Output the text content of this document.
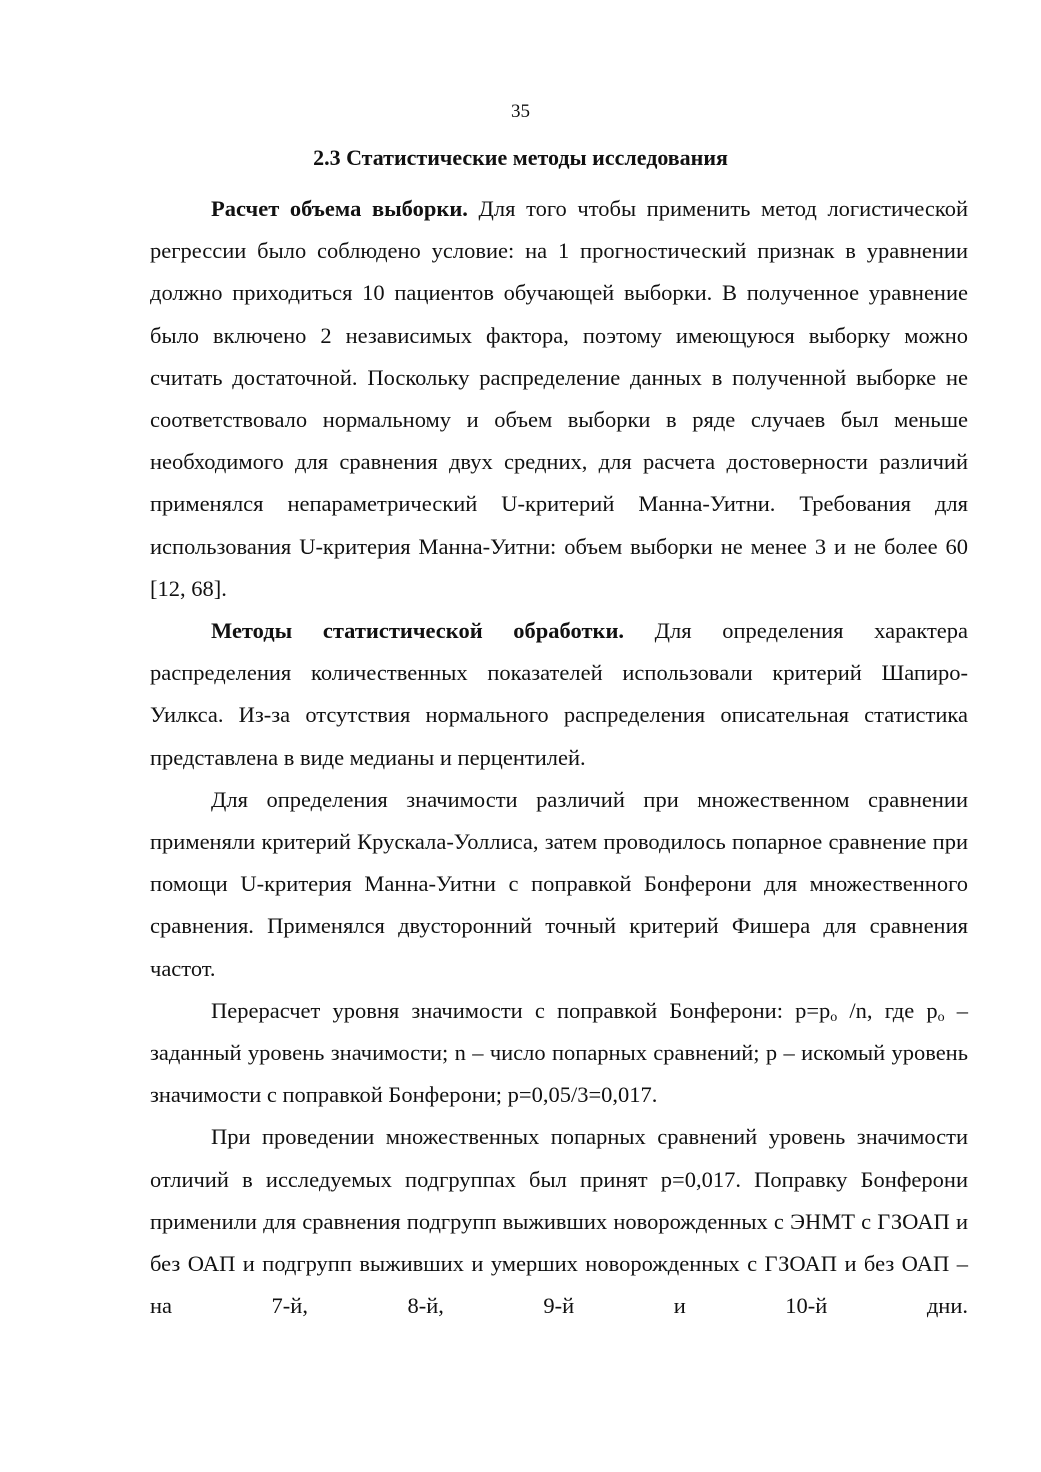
35
2.3 Статистические методы исследования

Расчет объема выборки. Для того чтобы применить метод логистической регрессии было соблюдено условие: на 1 прогностический признак в уравнении должно приходиться 10 пациентов обучающей выборки. В полученное уравнение было включено 2 независимых фактора, поэтому имеющуюся выборку можно считать достаточной. Поскольку распределение данных в полученной выборке не соответствовало нормальному и объем выборки в ряде случаев был меньше необходимого для сравнения двух средних, для расчета достоверности различий применялся непараметрический U-критерий Манна-Уитни. Требования для использования U-критерия Манна-Уитни: объем выборки не менее 3 и не более 60 [12, 68].

Методы статистической обработки. Для определения характера распределения количественных показателей использовали критерий Шапиро-Уилкса. Из-за отсутствия нормального распределения описательная статистика представлена в виде медианы и перцентилей.

Для определения значимости различий при множественном сравнении применяли критерий Крускала-Уоллиса, затем проводилось попарное сравнение при помощи U-критерия Манна-Уитни с поправкой Бонферони для множественного сравнения. Применялся двусторонний точный критерий Фишера для сравнения частот.

Перерасчет уровня значимости с поправкой Бонферони: $p=p_o$ /n, где $p_o$ – заданный уровень значимости; n – число попарных сравнений; p – искомый уровень значимости с поправкой Бонферони; p=0,05/3=0,017.

При проведении множественных попарных сравнений уровень значимости отличий в исследуемых подгруппах был принят p=0,017. Поправку Бонферони применили для сравнения подгрупп выживших новорожденных с ЭНМТ с ГЗОАП и без ОАП и подгрупп выживших и умерших новорожденных с ГЗОАП и без ОАП – на 7-й, 8-й, 9-й и 10-й дни.
